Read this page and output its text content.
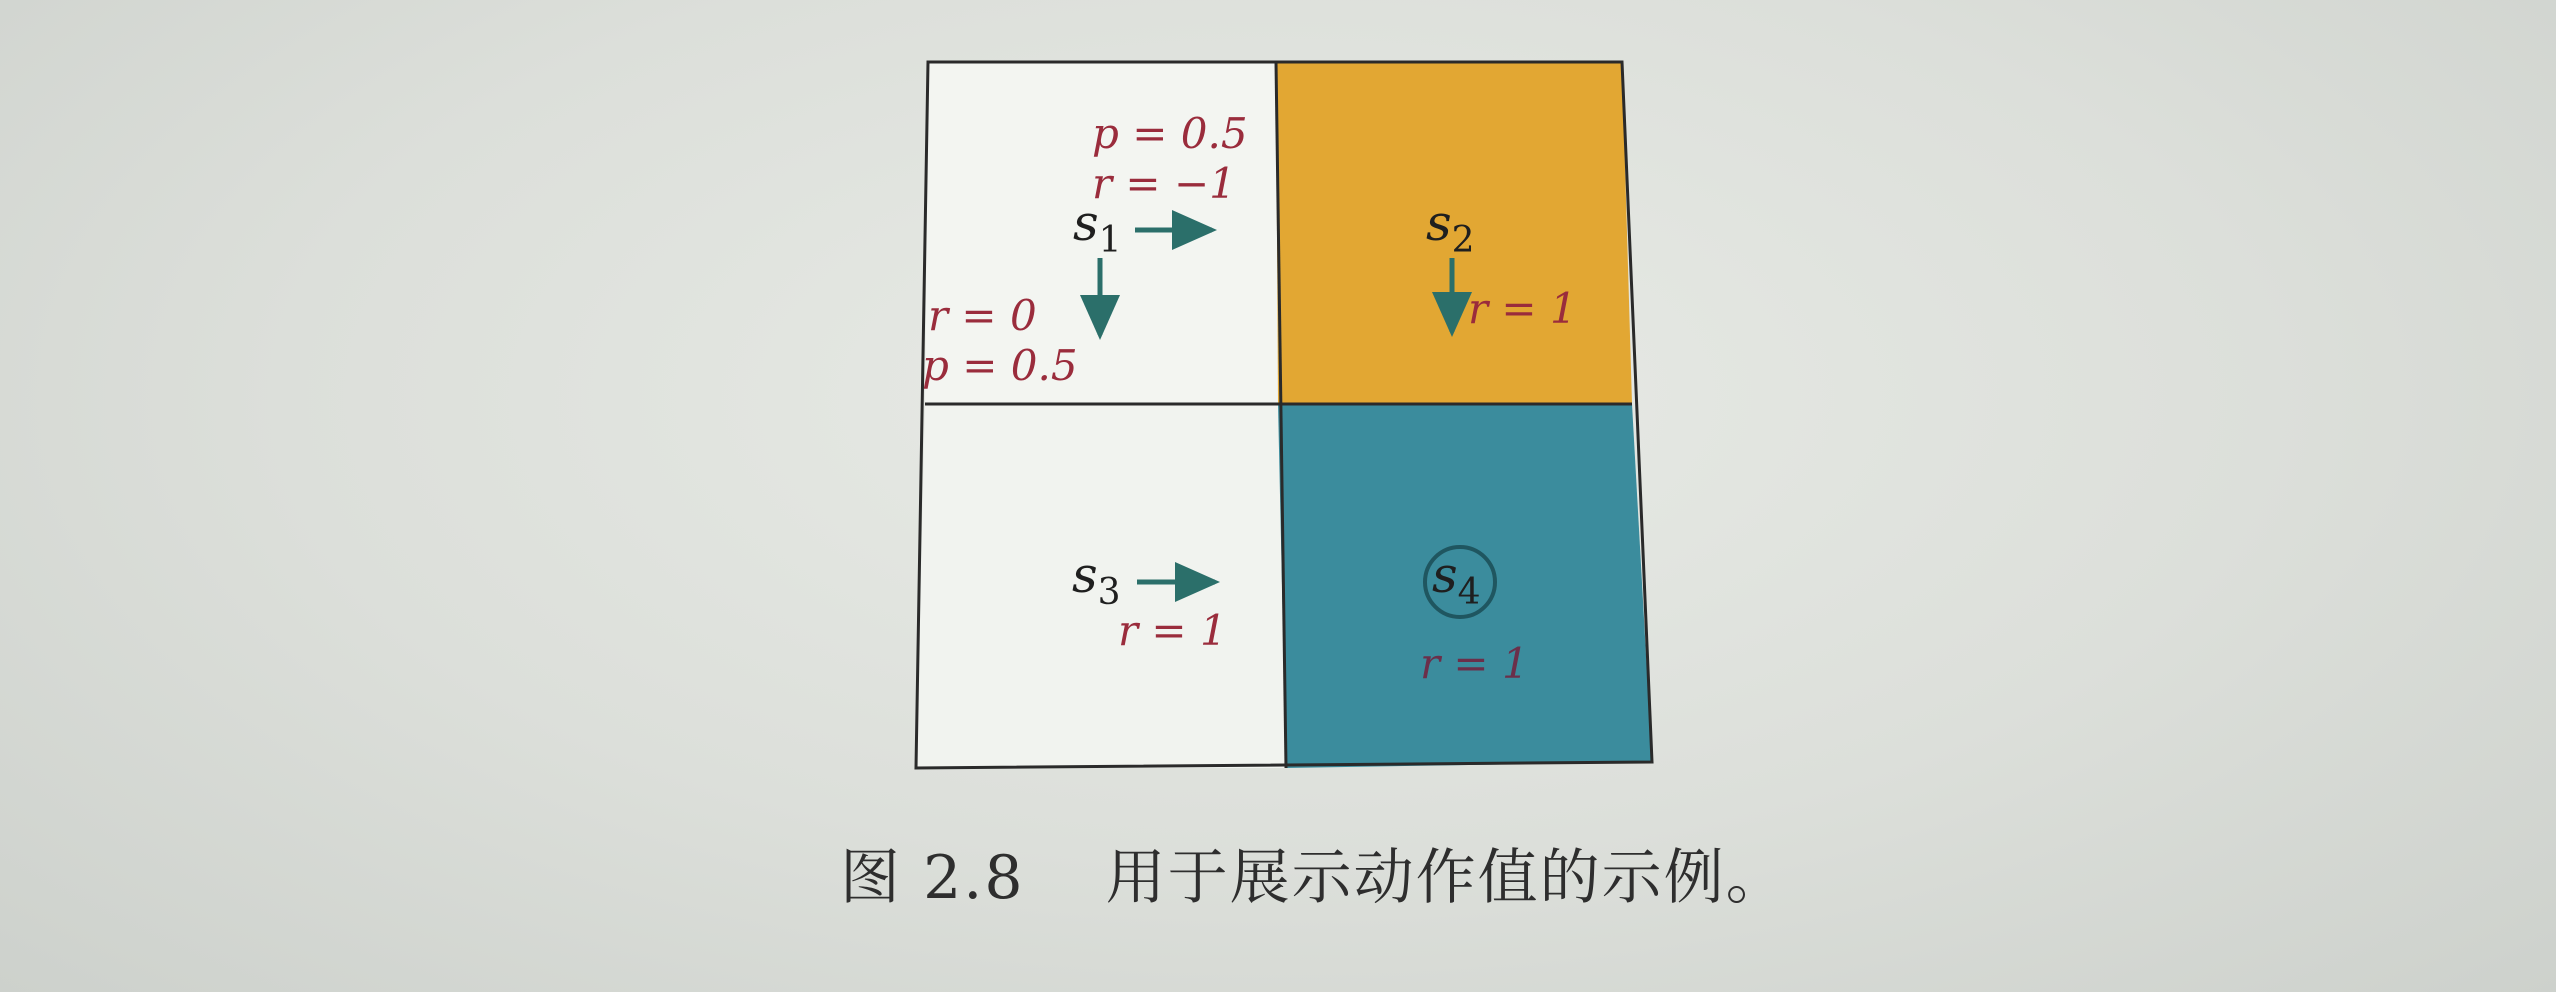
$s_1$	$s_2$
$s_3$	$s_4$
p = 0.5
r = −1
r = 0
p = 0.5
r = 1
r = 1
r = 1
图 2.8 用于展示动作值的示例。
